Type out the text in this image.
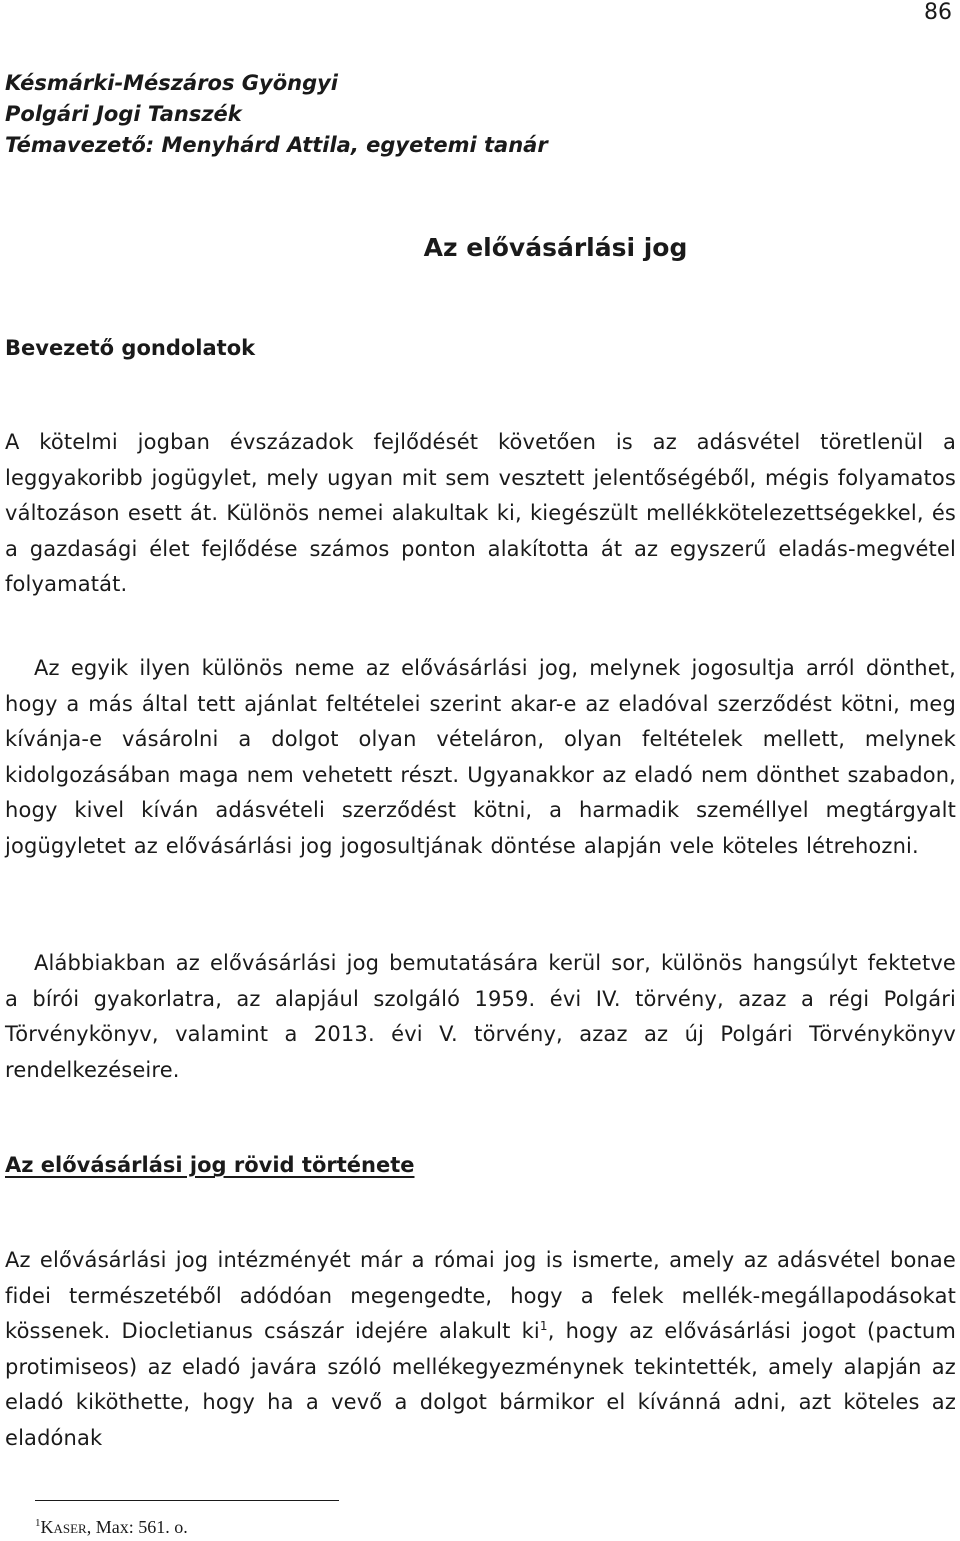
86
Késmárki-Mészáros Gyöngyi
Polgári Jogi Tanszék
Témavezető: Menyhárd Attila, egyetemi tanár
Az elővásárlási jog
Bevezető gondolatok

A kötelmi jogban évszázadok fejlődését követően is az adásvétel töretlenül a leggyakoribb jogügylet, mely ugyan mit sem vesztett jelentőségéből, mégis folyamatos változáson esett át. Különös nemei alakultak ki, kiegészült mellékkötelezettségekkel, és a gazdasági élet fejlődése számos ponton alakította át az egyszerű eladás-megvétel folyamatát.

Az egyik ilyen különös neme az elővásárlási jog, melynek jogosultja arról dönthet, hogy a más által tett ajánlat feltételei szerint akar-e az eladóval szerződést kötni, meg kívánja-e vásárolni a dolgot olyan vételáron, olyan feltételek mellett, melynek kidolgozásában maga nem vehetett részt. Ugyanakkor az eladó nem dönthet szabadon, hogy kivel kíván adásvételi szerződést kötni, a harmadik személlyel megtárgyalt jogügyletet az elővásárlási jog jogosultjának döntése alapján vele köteles létrehozni.

Alábbiakban az elővásárlási jog bemutatására kerül sor, különös hangsúlyt fektetve a bírói gyakorlatra, az alapjául szolgáló 1959. évi IV. törvény, azaz a régi Polgári Törvénykönyv, valamint a 2013. évi V. törvény, azaz az új Polgári Törvénykönyv rendelkezéseire.

Az elővásárlási jog rövid története

Az elővásárlási jog intézményét már a római jog is ismerte, amely az adásvétel bonae fidei természetéből adódóan megengedte, hogy a felek mellék-megállapodásokat kössenek. Diocletianus császár idejére alakult $ki^1$, hogy az elővásárlási jogot (pactum protimiseos) az eladó javára szóló mellékegyezménynek tekintették, amely alapján az eladó kiköthette, hogy ha a vevő a dolgot bármikor el kívánná adni, azt köteles az eladónak

$^1$Kaser, Max: 561. o.
